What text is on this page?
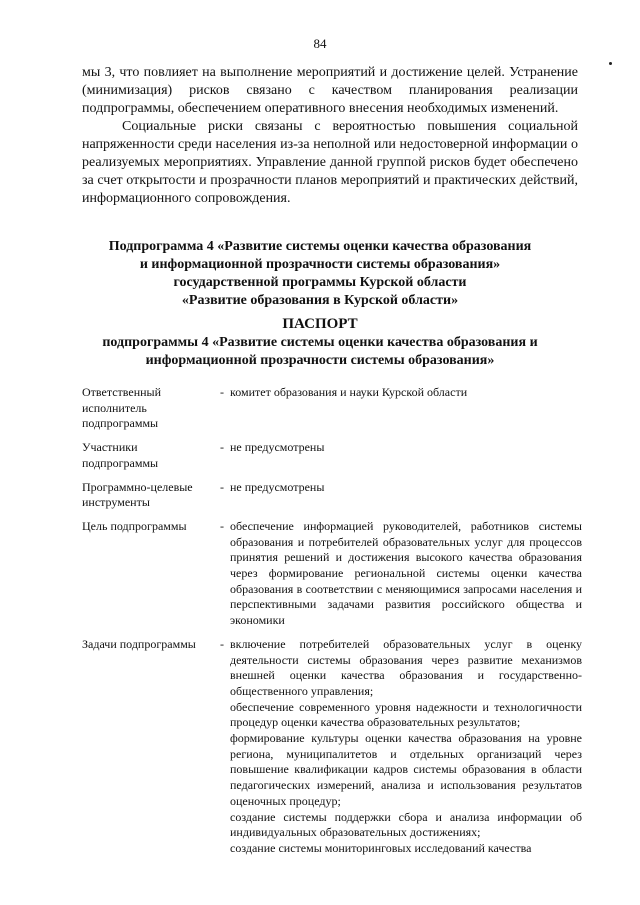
84

мы 3, что повлияет на выполнение мероприятий и достижение целей. Устранение (минимизация) рисков связано с качеством планирования реализации подпрограммы, обеспечением оперативного внесения необходимых изменений.

Социальные риски связаны с вероятностью повышения социальной напряженности среди населения из-за неполной или недостоверной информации о реализуемых мероприятиях. Управление данной группой рисков будет обеспечено за счет открытости и прозрачности планов мероприятий и практических действий, информационного сопровождения.

Подпрограмма 4 «Развитие системы оценки качества образования
и информационной прозрачности системы образования»
государственной программы Курской области
«Развитие образования в Курской области»
ПАСПОРТ
подпрограммы 4 «Развитие системы оценки качества образования и
информационной прозрачности системы образования»
Ответственный исполнитель подпрограммы
- комитет образования и науки Курской области
Участники подпрограммы
- не предусмотрены
Программно-целевые инструменты
- не предусмотрены
Цель подпрограммы	- обеспечение информацией руководителей, работников системы образования и потребителей образовательных услуг для процессов принятия решений и достижения высокого качества образования через формирование региональной системы оценки качества образования в соответствии с меняющимися запросами населения и перспективными задачами развития российского общества и экономики
Задачи подпрограммы	- включение потребителей образовательных услуг в оценку деятельности системы образования через развитие механизмов внешней оценки качества образования и государственно-общественного управления;
обеспечение современного уровня надежности и технологичности процедур оценки качества образовательных результатов;
формирование культуры оценки качества образования на уровне региона, муниципалитетов и отдельных организаций через повышение квалификации кадров системы образования в области педагогических измерений, анализа и использования результатов оценочных процедур;
создание системы поддержки сбора и анализа информации об индивидуальных образовательных достижениях;
создание системы мониторинговых исследований качества
